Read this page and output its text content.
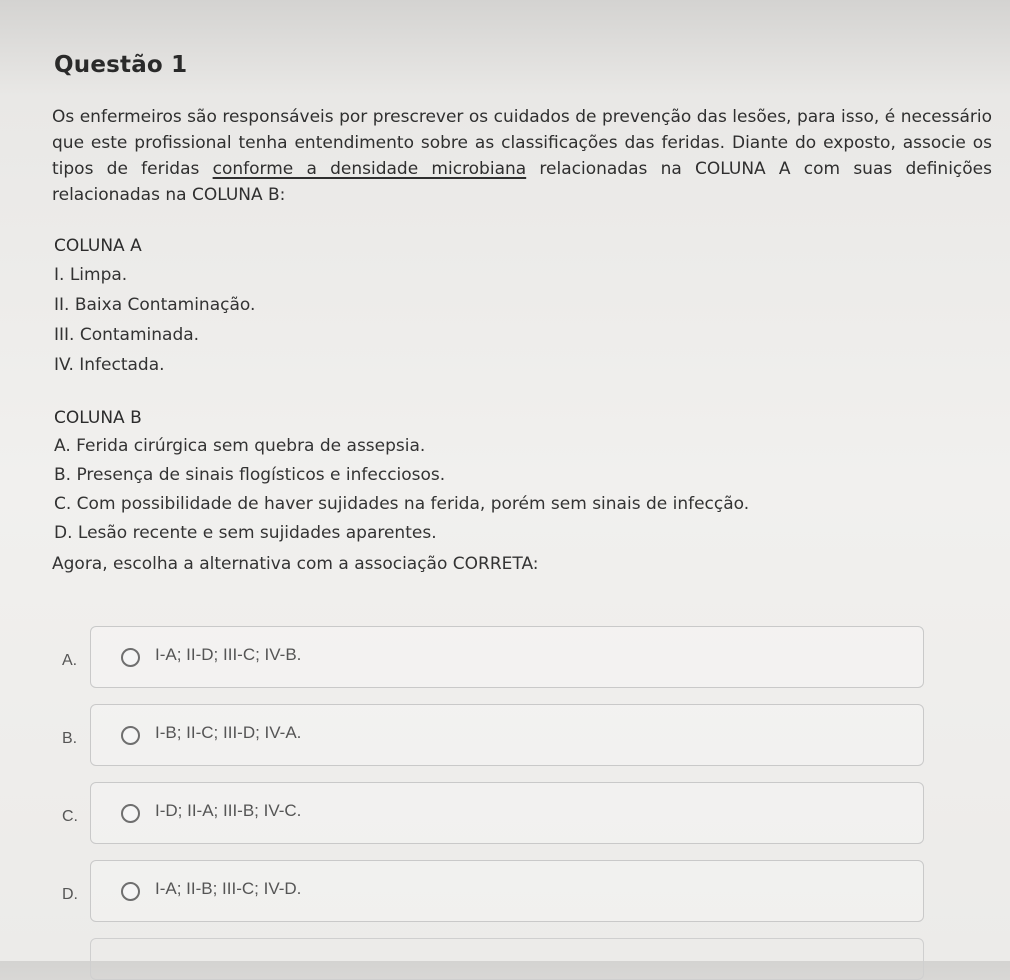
Questão 1

Os enfermeiros são responsáveis por prescrever os cuidados de prevenção das lesões, para isso, é necessário que este profissional tenha entendimento sobre as classificações das feridas. Diante do exposto, associe os tipos de feridas conforme a densidade microbiana relacionadas na COLUNA A com suas definições relacionadas na COLUNA B:

COLUNA A
I. Limpa.
II. Baixa Contaminação.
III. Contaminada.
IV. Infectada.
COLUNA B
A. Ferida cirúrgica sem quebra de assepsia.
B. Presença de sinais flogísticos e infecciosos.
C. Com possibilidade de haver sujidades na ferida, porém sem sinais de infecção.
D. Lesão recente e sem sujidades aparentes.

Agora, escolha a alternativa com a associação CORRETA:

A.	I-A; II-D; III-C; IV-B.
B.	I-B; II-C; III-D; IV-A.
C.	I-D; II-A; III-B; IV-C.
D.	I-A; II-B; III-C; IV-D.
